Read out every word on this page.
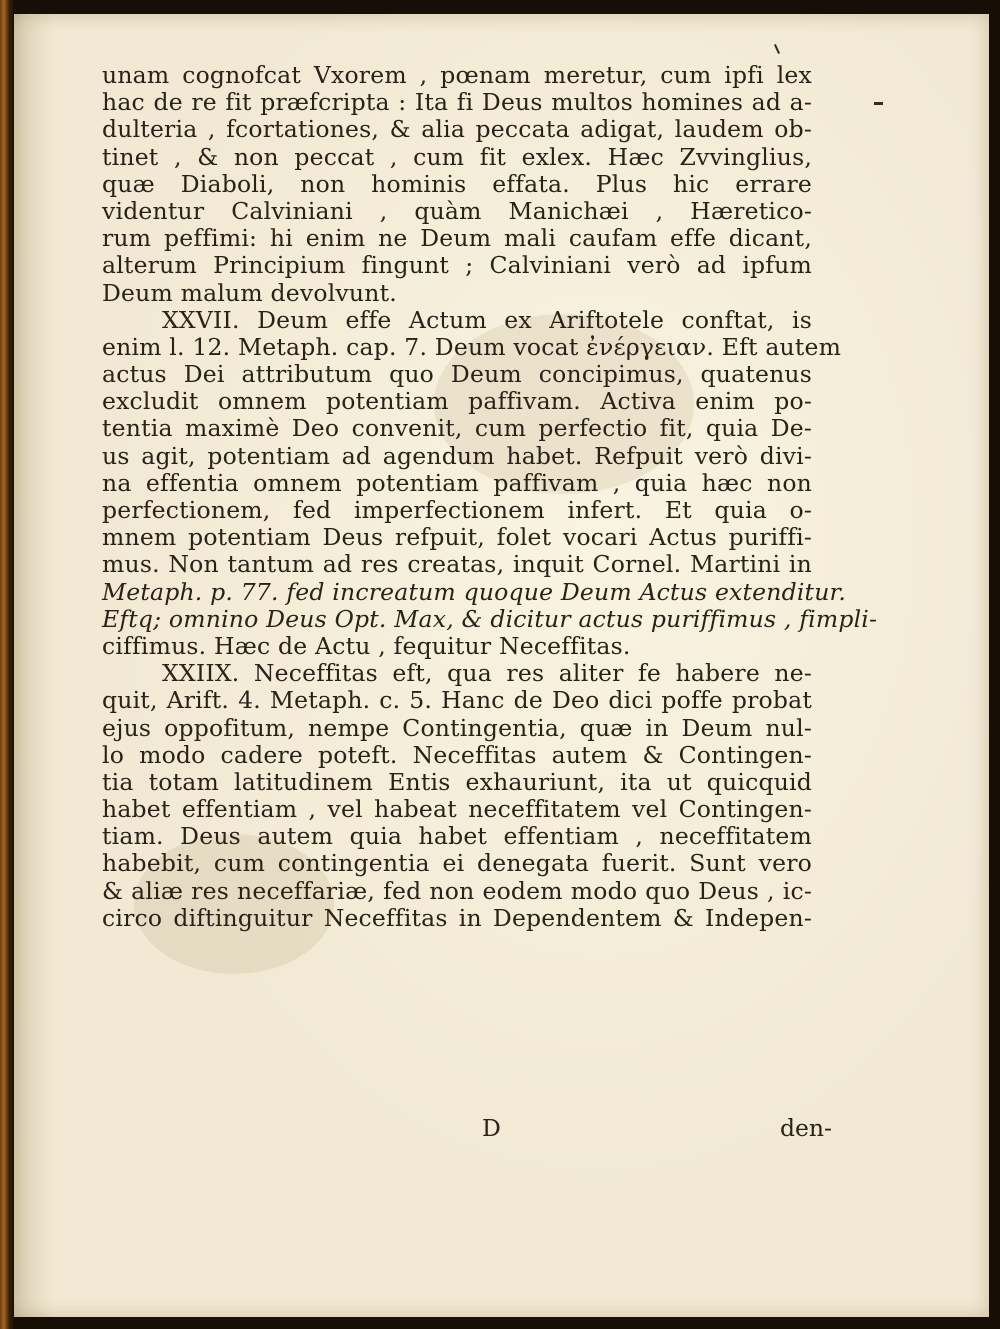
unam cognofcat Vxorem , pœnam meretur, cum ipfi lex
hac de re fit præfcripta : Ita fi Deus multos homines ad a-
dulteria , fcortationes, & alia peccata adigat, laudem ob-
tinet , & non peccat , cum fit exlex. Hæc Zvvinglius,
quæ Diaboli, non hominis effata. Plus hic errare
videntur Calviniani , quàm Manichæi , Hæretico-
rum peffimi: hi enim ne Deum mali caufam effe dicant,
alterum Principium fingunt ; Calviniani verò ad ipfum
Deum malum devolvunt.
XXVII. Deum effe Actum ex Ariftotele conftat, is
enim l. 12. Metaph. cap. 7. Deum vocat ἐνέργειαν. Eft autem
actus Dei attributum quo Deum concipimus, quatenus
excludit omnem potentiam paffivam. Activa enim po-
tentia maximè Deo convenit, cum perfectio fit, quia De-
us agit, potentiam ad agendum habet. Refpuit verò divi-
na effentia omnem potentiam paffivam , quia hæc non
perfectionem, fed imperfectionem infert. Et quia o-
mnem potentiam Deus refpuit, folet vocari Actus puriffi-
mus. Non tantum ad res creatas, inquit Cornel. Martini in
Metaph. p. 77. fed increatum quoque Deum Actus extenditur.
Eftq; omnino Deus Opt. Max, & dicitur actus puriffimus , fimpli-
ciffimus. Hæc de Actu , fequitur Neceffitas.
XXIIX. Neceffitas eft, qua res aliter fe habere ne-
quit, Arift. 4. Metaph. c. 5. Hanc de Deo dici poffe probat
ejus oppofitum, nempe Contingentia, quæ in Deum nul-
lo modo cadere poteft. Neceffitas autem & Contingen-
tia totam latitudinem Entis exhauriunt, ita ut quicquid
habet effentiam , vel habeat neceffitatem vel Contingen-
tiam. Deus autem quia habet effentiam , neceffitatem
habebit, cum contingentia ei denegata fuerit. Sunt vero
& aliæ res neceffariæ, fed non eodem modo quo Deus , ic-
circo diftinguitur Neceffitas in Dependentem & Indepen-
D	den-
